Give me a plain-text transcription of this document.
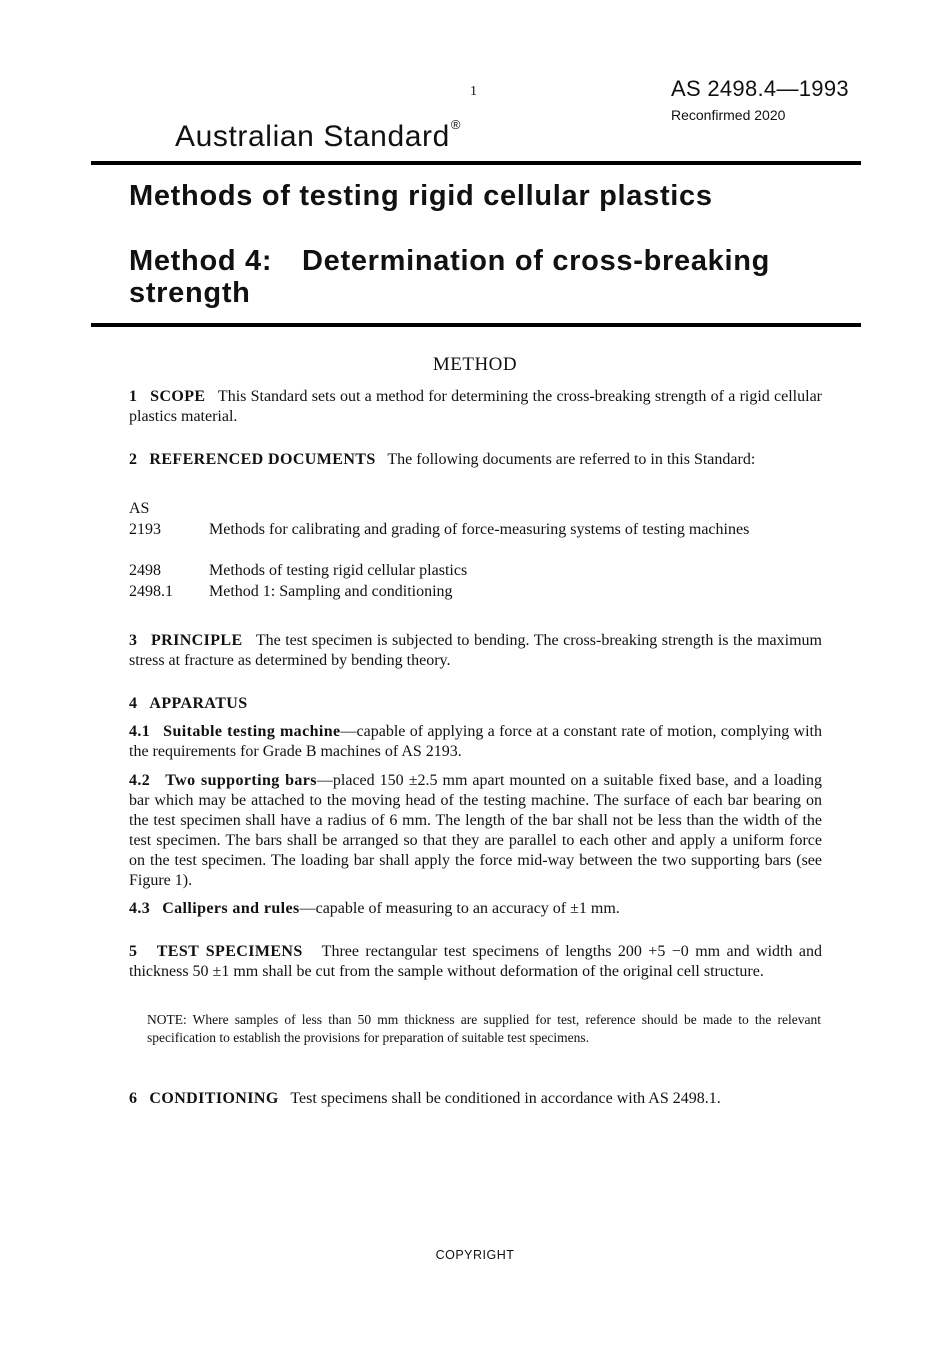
1	AS 2498.4—1993
Reconfirmed 2020
Australian Standard®
Methods of testing rigid cellular plastics
Method 4: Determination of cross-breaking
strength
METHOD
1 SCOPE This Standard sets out a method for determining the cross-breaking strength of a rigid cellular plastics material.
2 REFERENCED DOCUMENTS The following documents are referred to in this Standard:
AS
2193	Methods for calibrating and grading of force-measuring systems of testing machines
2498	Methods of testing rigid cellular plastics
2498.1 Method 1: Sampling and conditioning
3 PRINCIPLE The test specimen is subjected to bending. The cross-breaking strength is the maximum stress at fracture as determined by bending theory.
4 APPARATUS
4.1 Suitable testing machine—capable of applying a force at a constant rate of motion, complying with the requirements for Grade B machines of AS 2193.
4.2 Two supporting bars—placed 150 ±2.5 mm apart mounted on a suitable fixed base, and a loading bar which may be attached to the moving head of the testing machine. The surface of each bar bearing on the test specimen shall have a radius of 6 mm. The length of the bar shall not be less than the width of the test specimen. The bars shall be arranged so that they are parallel to each other and apply a uniform force on the test specimen. The loading bar shall apply the force mid-way between the two supporting bars (see Figure 1).
4.3 Callipers and rules—capable of measuring to an accuracy of ±1 mm.
5 TEST SPECIMENS Three rectangular test specimens of lengths 200 +5 −0 mm and width and thickness 50 ±1 mm shall be cut from the sample without deformation of the original cell structure.
NOTE: Where samples of less than 50 mm thickness are supplied for test, reference should be made to the relevant specification to establish the provisions for preparation of suitable test specimens.
6 CONDITIONING Test specimens shall be conditioned in accordance with AS 2498.1.
COPYRIGHT
